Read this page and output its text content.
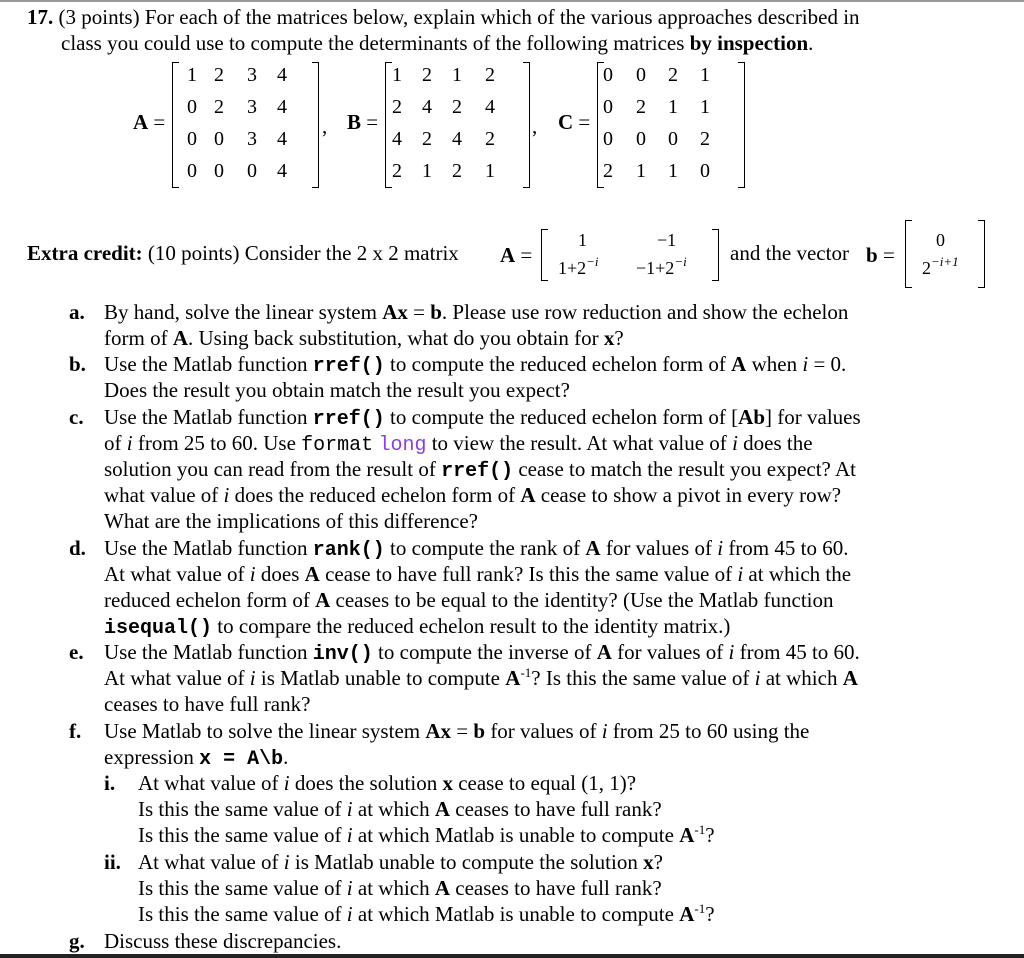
17. (3 points) For each of the matrices below, explain which of the various approaches described in
class you could use to compute the determinants of the following matrices by inspection.
A =
1 2 3 4
0 2 3 4
0 0 3 4
0 0 0 4
, B =
1 2 1 2
2 4 2 4
4 2 4 2
2 1 2 1
, C =
0 0 2 1
0 2 1 1
0 0 0 2
2 1 1 0
Extra credit: (10 points) Consider the 2 x 2 matrix A =
1	−1
$1+2^{-i} -1+2^{-i}$ and the vector b =
0
$2^{-i+1}$
a. By hand, solve the linear system Ax = b. Please use row reduction and show the echelon
form of A. Using back substitution, what do you obtain for x?
b. Use the Matlab function rref() to compute the reduced echelon form of A when i = 0.
Does the result you obtain match the result you expect?
c. Use the Matlab function rref() to compute the reduced echelon form of [Ab] for values
of i from 25 to 60. Use format long to view the result. At what value of i does the
solution you can read from the result of rref() cease to match the result you expect? At
what value of i does the reduced echelon form of A cease to show a pivot in every row?
What are the implications of this difference?
d. Use the Matlab function rank() to compute the rank of A for values of i from 45 to 60.
At what value of i does A cease to have full rank? Is this the same value of i at which the
reduced echelon form of A ceases to be equal to the identity? (Use the Matlab function
isequal() to compare the reduced echelon result to the identity matrix.)
e. Use the Matlab function inv() to compute the inverse of A for values of i from 45 to 60.
At what value of i is Matlab unable to compute $A^{-1}$? Is this the same value of i at which A
ceases to have full rank?
f. Use Matlab to solve the linear system Ax = b for values of i from 25 to 60 using the
expression x = A\b.
i. At what value of i does the solution x cease to equal (1, 1)?
Is this the same value of i at which A ceases to have full rank?
Is this the same value of i at which Matlab is unable to compute $A^{-1}$?
ii. At what value of i is Matlab unable to compute the solution x?
Is this the same value of i at which A ceases to have full rank?
Is this the same value of i at which Matlab is unable to compute $A^{-1}$?
g. Discuss these discrepancies.
